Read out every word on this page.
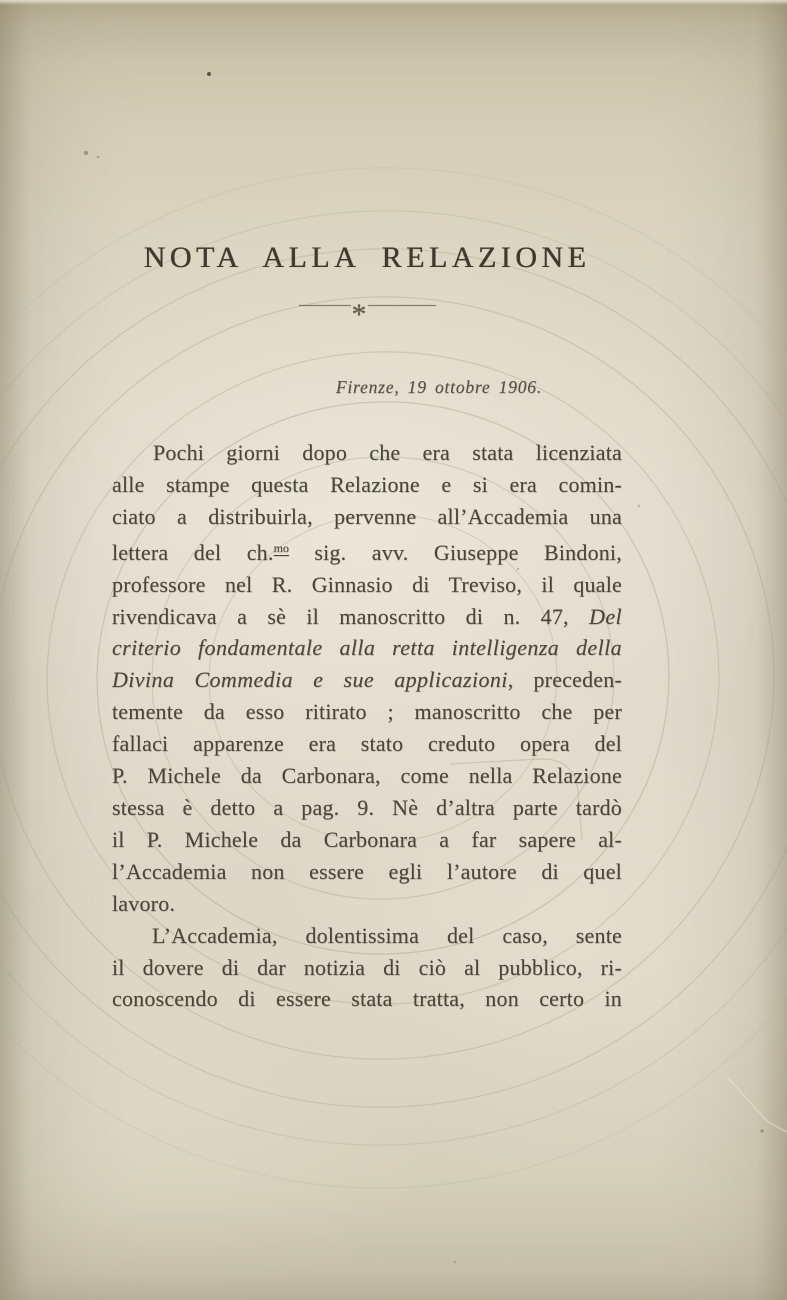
NOTA ALLA RELAZIONE
*
Firenze, 19 ottobre 1906.
Pochi giorni dopo che era stata licenziata
alle stampe questa Relazione e si era comin-
ciato a distribuirla, pervenne all’Accademia una
lettera del ch.$^{mo}$ sig. avv. Giuseppe Bindoni,
professore nel R. Ginnasio di Treviso, il quale
rivendicava a sè il manoscritto di n. 47, Del
criterio fondamentale alla retta intelligenza della
Divina Commedia e sue applicazioni, preceden-
temente da esso ritirato ; manoscritto che per
fallaci apparenze era stato creduto opera del
P. Michele da Carbonara, come nella Relazione
stessa è detto a pag. 9. Nè d’altra parte tardò
il P. Michele da Carbonara a far sapere al-
l’Accademia non essere egli l’autore di quel
lavoro.
L’Accademia, dolentissima del caso, sente
il dovere di dar notizia di ciò al pubblico, ri-
conoscendo di essere stata tratta, non certo in
